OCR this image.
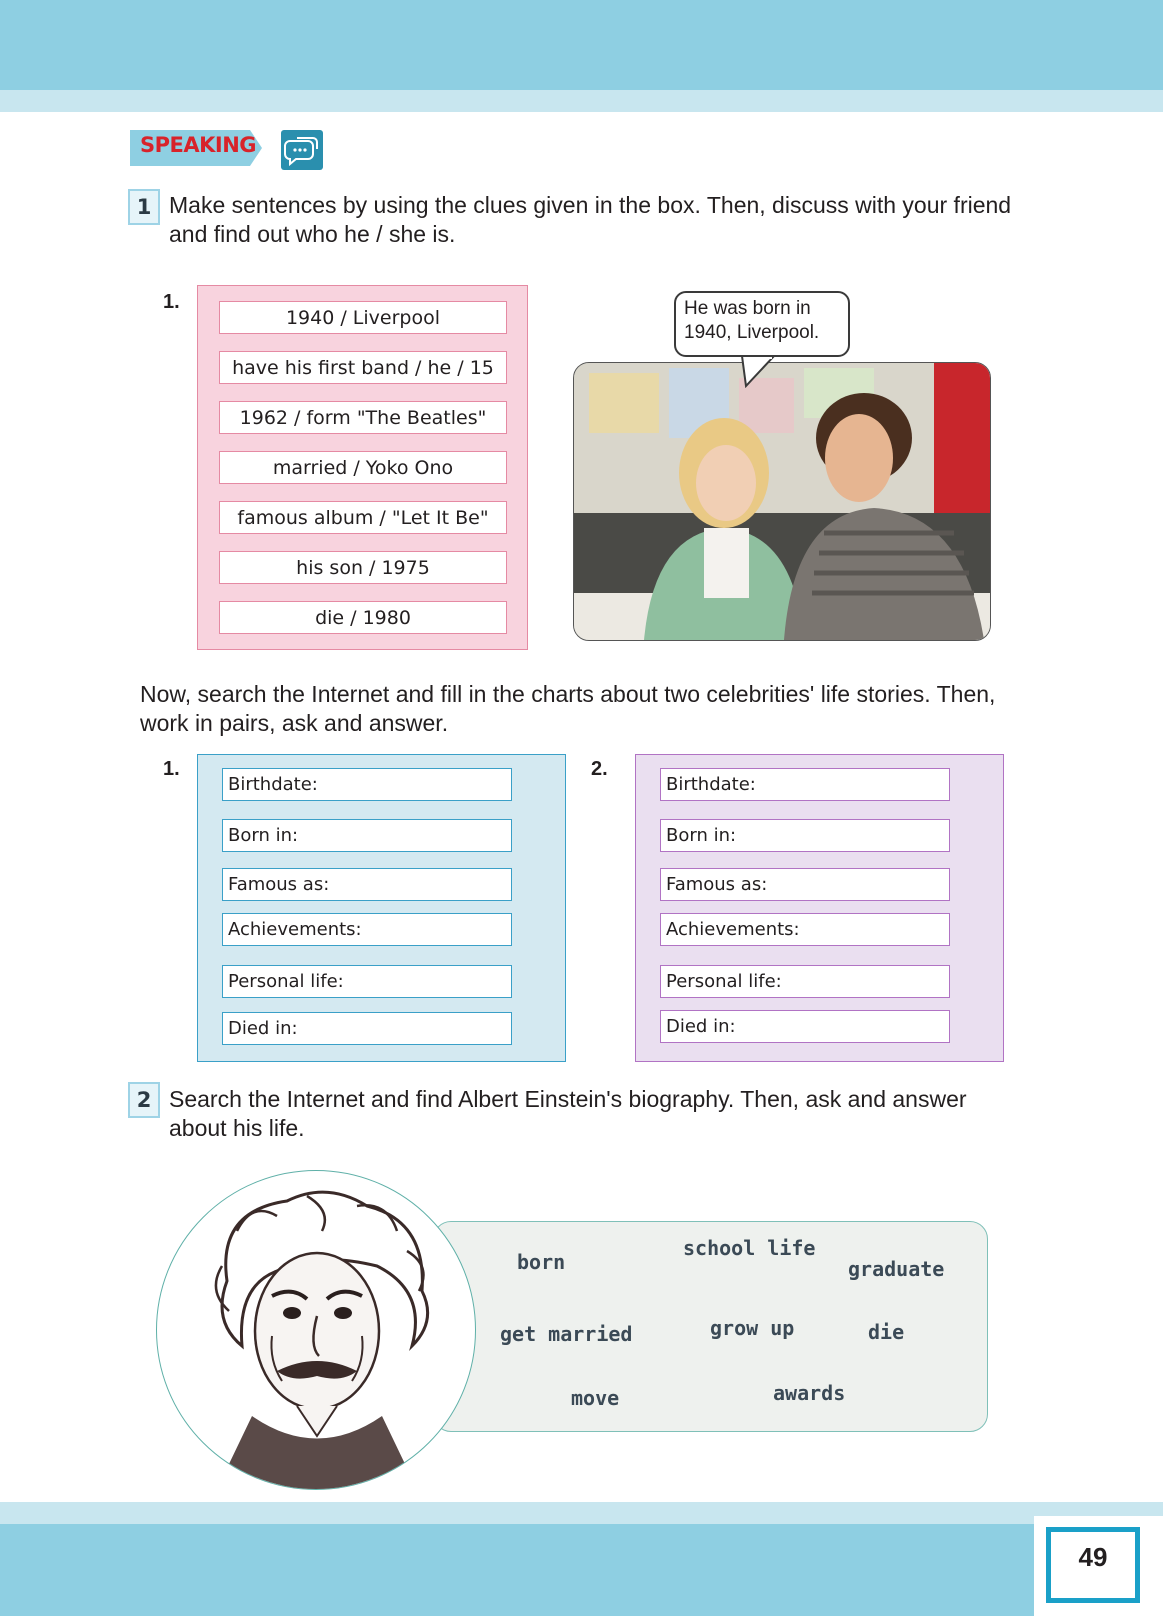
SPEAKING
1 Make sentences by using the clues given in the box. Then, discuss with your friend and find out who he / she is.
1.
1940 / Liverpool
have his first band / he / 15
1962 / form "The Beatles"
married / Yoko Ono
famous album / "Let It Be"
his son / 1975
die / 1980
He was born in 1940, Liverpool.
Now, search the Internet and fill in the charts about two celebrities' life stories. Then, work in pairs, ask and answer.
1.	2.
Birthdate:
Born in:
Famous as:
Achievements:
Personal life:
Died in:
Birthdate:
Born in:
Famous as:
Achievements:
Personal life:
Died in:
2 Search the Internet and find Albert Einstein's biography. Then, ask and answer about his life.
born
school life
graduate
get married	grow up	die
move	awards
49
